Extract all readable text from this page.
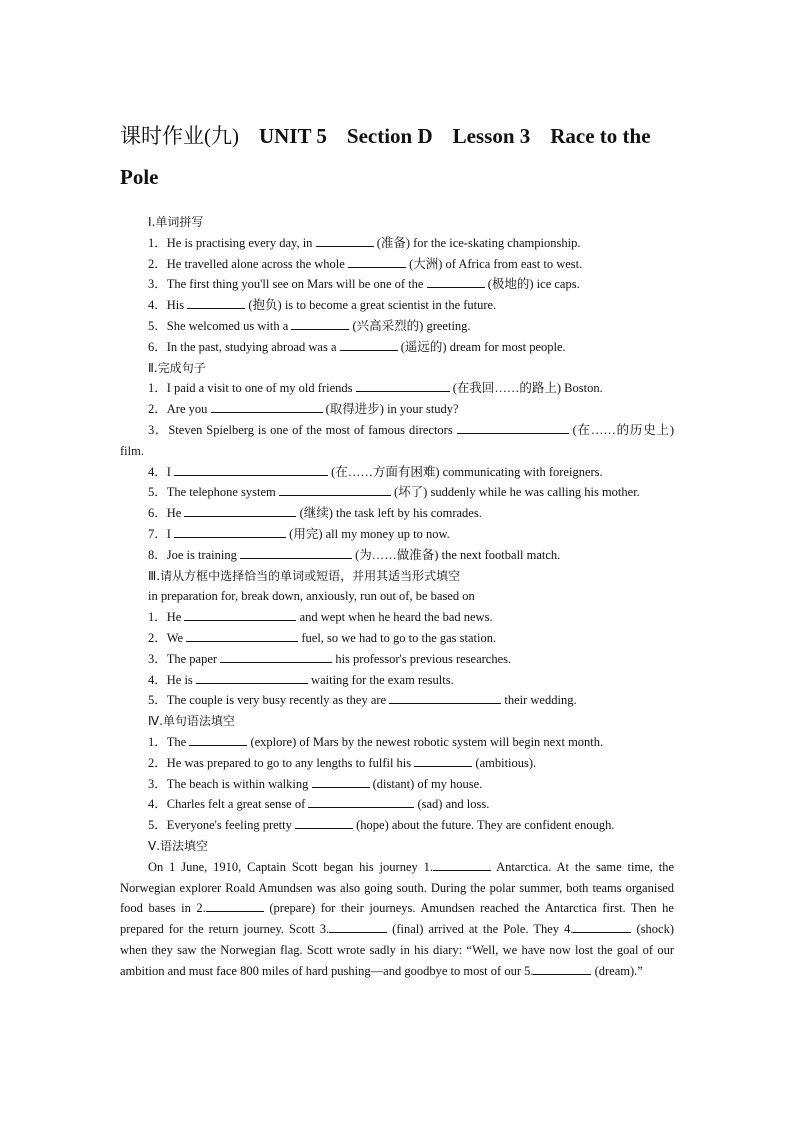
课时作业(九) UNIT 5 Section D Lesson 3 Race to the Pole
Ⅰ.单词拼写
1．He is practising every day, in	(准备) for the ice-skating championship.
2．He travelled alone across the whole	(大洲) of Africa from east to west.
3．The first thing you'll see on Mars will be one of the	(极地的) ice caps.
4．His	(抱负) is to become a great scientist in the future.
5．She welcomed us with a	(兴高采烈的) greeting.
6．In the past, studying abroad was a	(遥远的) dream for most people.
Ⅱ.完成句子
1．I paid a visit to one of my old friends	(在我回……的路上) Boston.
2．Are you	(取得进步) in your study?
3．Steven Spielberg is one of the most of famous directors	(在……的历史上) film.
4．I	(在……方面有困难) communicating with foreigners.
5．The telephone system	(坏了) suddenly while he was calling his mother.
6．He	(继续) the task left by his comrades.
7．I	(用完) all my money up to now.
8．Joe is training	(为……做准备) the next football match.
Ⅲ.请从方框中选择恰当的单词或短语，并用其适当形式填空
in preparation for, break down, anxiously, run out of, be based on
1．He	and wept when he heard the bad news.
2．We	fuel, so we had to go to the gas station.
3．The paper	his professor's previous researches.
4．He is	waiting for the exam results.
5．The couple is very busy recently as they are	their wedding.
Ⅳ.单句语法填空
1．The	(explore) of Mars by the newest robotic system will begin next month.
2．He was prepared to go to any lengths to fulfil his	(ambitious).
3．The beach is within walking	(distant) of my house.
4．Charles felt a great sense of	(sad) and loss.
5．Everyone's feeling pretty	(hope) about the future. They are confident enough.
Ⅴ.语法填空
On 1 June, 1910, Captain Scott began his journey 1.	Antarctica. At the same time, the Norwegian explorer Roald Amundsen was also going south. During the polar summer, both teams organised food bases in 2.	(prepare) for their journeys. Amundsen reached the Antarctica first. Then he prepared for the return journey. Scott 3.	(final) arrived at the Pole. They 4.	(shock) when they saw the Norwegian flag. Scott wrote sadly in his diary: “Well, we have now lost the goal of our ambition and must face 800 miles of hard pushing—and goodbye to most of our 5.	(dream).”
